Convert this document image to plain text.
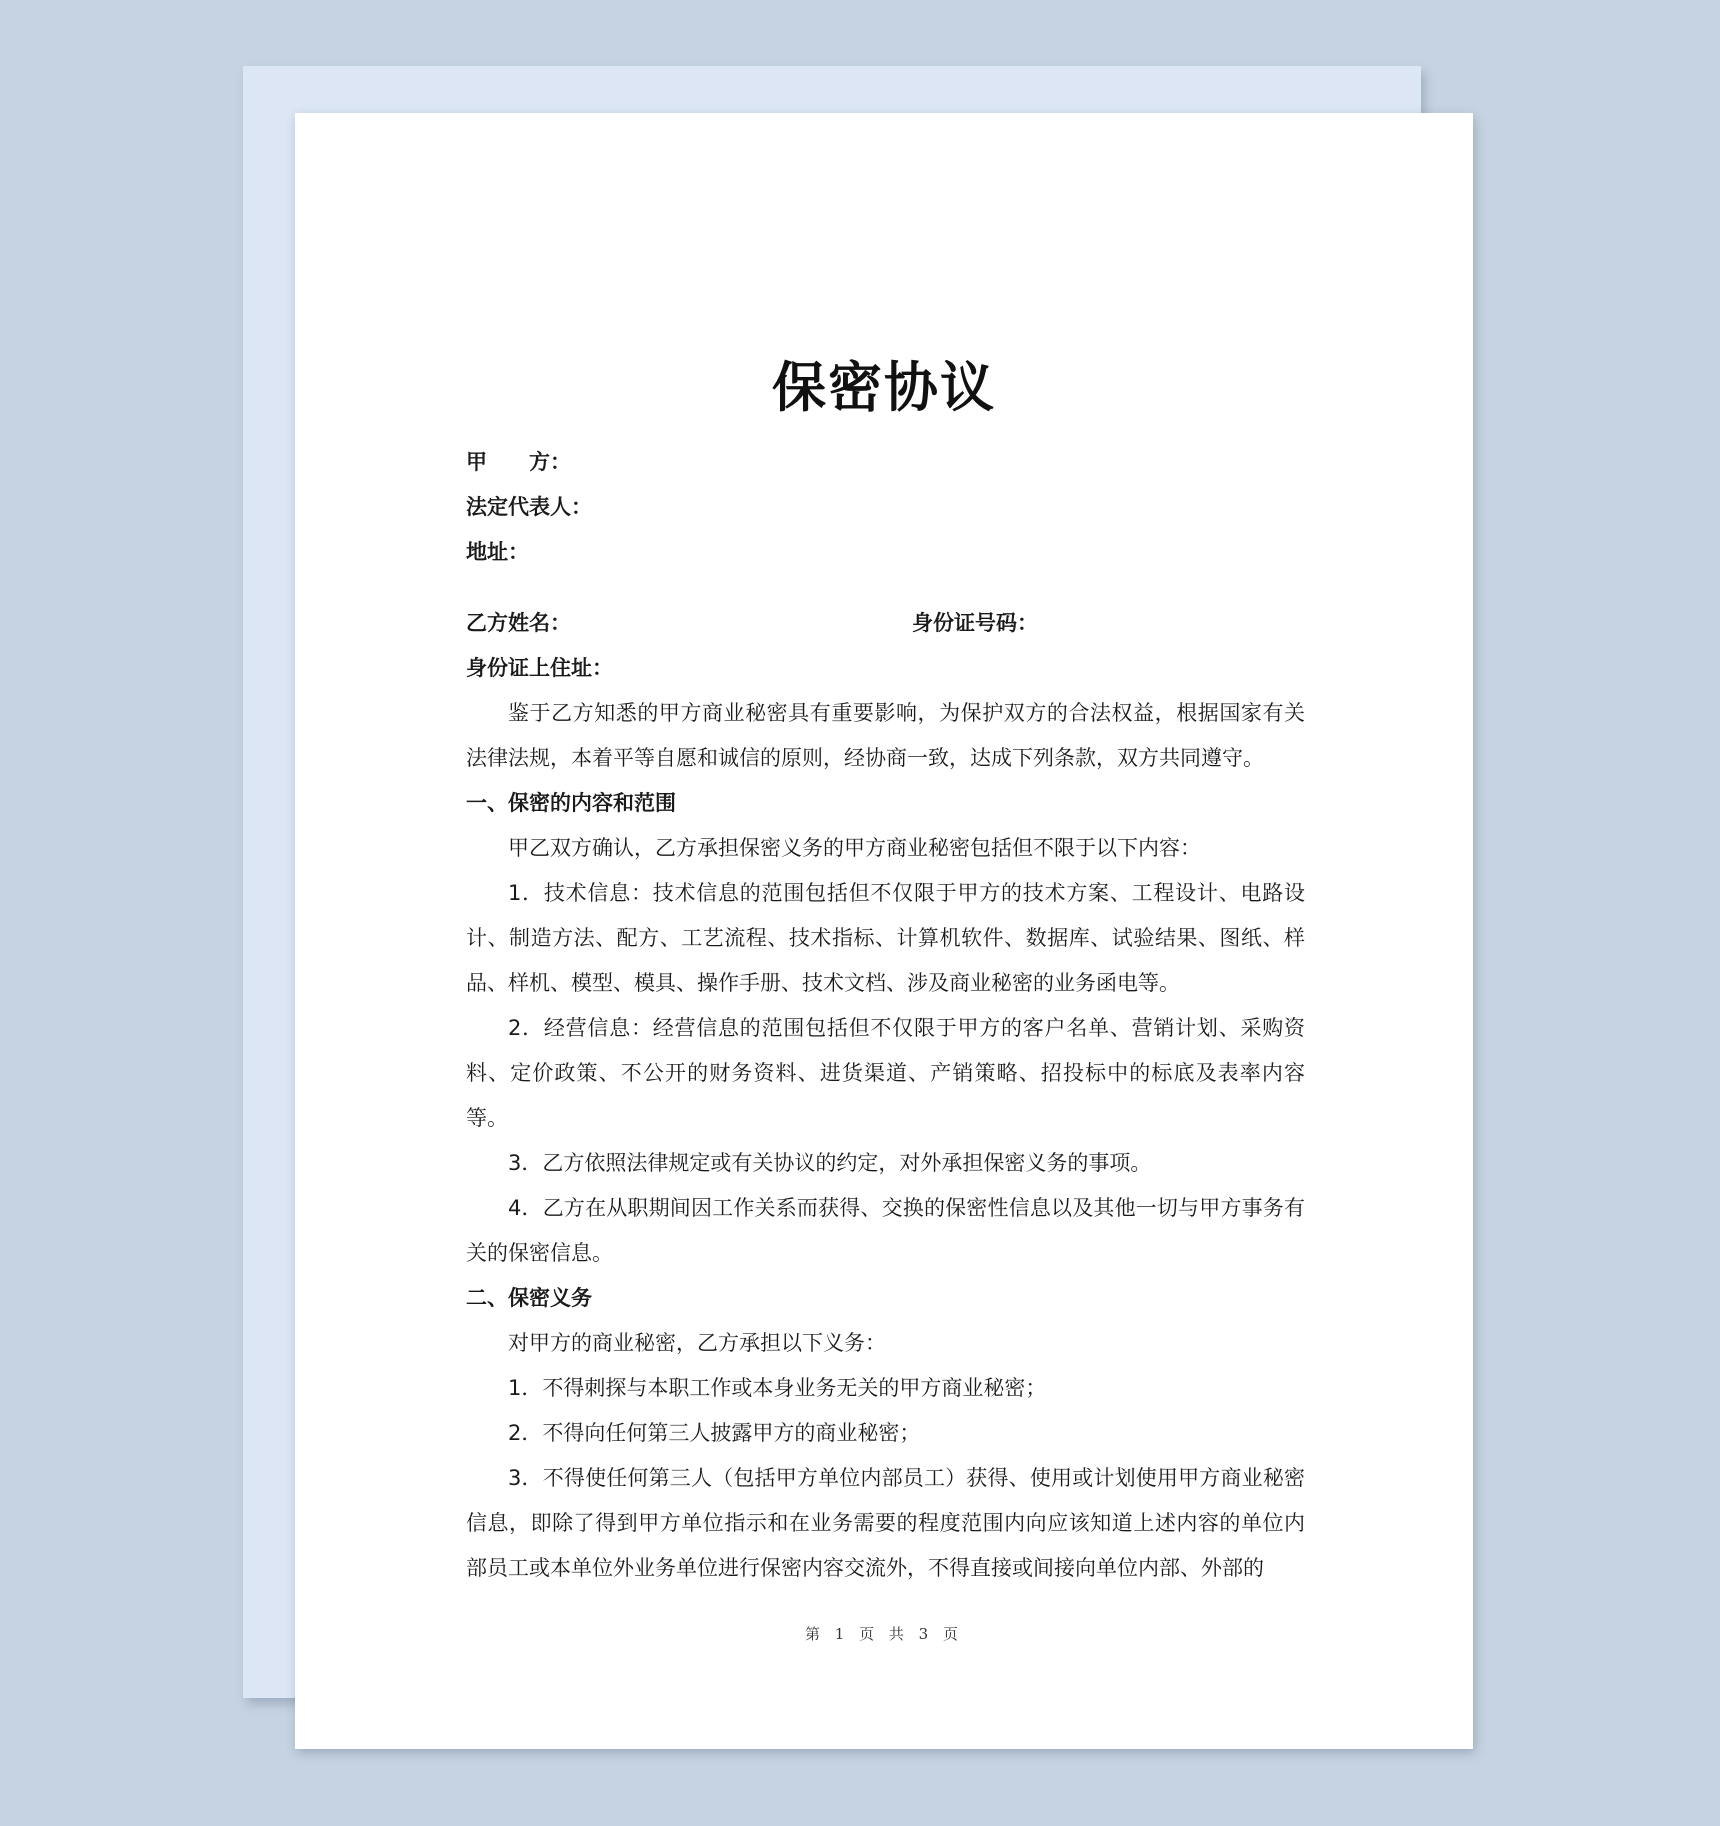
保密协议
甲　　方：
法定代表人：
地址：
乙方姓名：	身份证号码：
身份证上住址：

鉴于乙方知悉的甲方商业秘密具有重要影响，为保护双方的合法权益，根据国家有关法律法规，本着平等自愿和诚信的原则，经协商一致，达成下列条款，双方共同遵守。

一、保密的内容和范围

甲乙双方确认，乙方承担保密义务的甲方商业秘密包括但不限于以下内容：

1．技术信息：技术信息的范围包括但不仅限于甲方的技术方案、工程设计、电路设计、制造方法、配方、工艺流程、技术指标、计算机软件、数据库、试验结果、图纸、样品、样机、模型、模具、操作手册、技术文档、涉及商业秘密的业务函电等。

2．经营信息：经营信息的范围包括但不仅限于甲方的客户名单、营销计划、采购资料、定价政策、不公开的财务资料、进货渠道、产销策略、招投标中的标底及表率内容等。

3．乙方依照法律规定或有关协议的约定，对外承担保密义务的事项。

4．乙方在从职期间因工作关系而获得、交换的保密性信息以及其他一切与甲方事务有关的保密信息。

二、保密义务

对甲方的商业秘密，乙方承担以下义务：

1．不得刺探与本职工作或本身业务无关的甲方商业秘密；

2．不得向任何第三人披露甲方的商业秘密；

3．不得使任何第三人（包括甲方单位内部员工）获得、使用或计划使用甲方商业秘密信息，即除了得到甲方单位指示和在业务需要的程度范围内向应该知道上述内容的单位内部员工或本单位外业务单位进行保密内容交流外，不得直接或间接向单位内部、外部的

第 1 页 共 3 页
